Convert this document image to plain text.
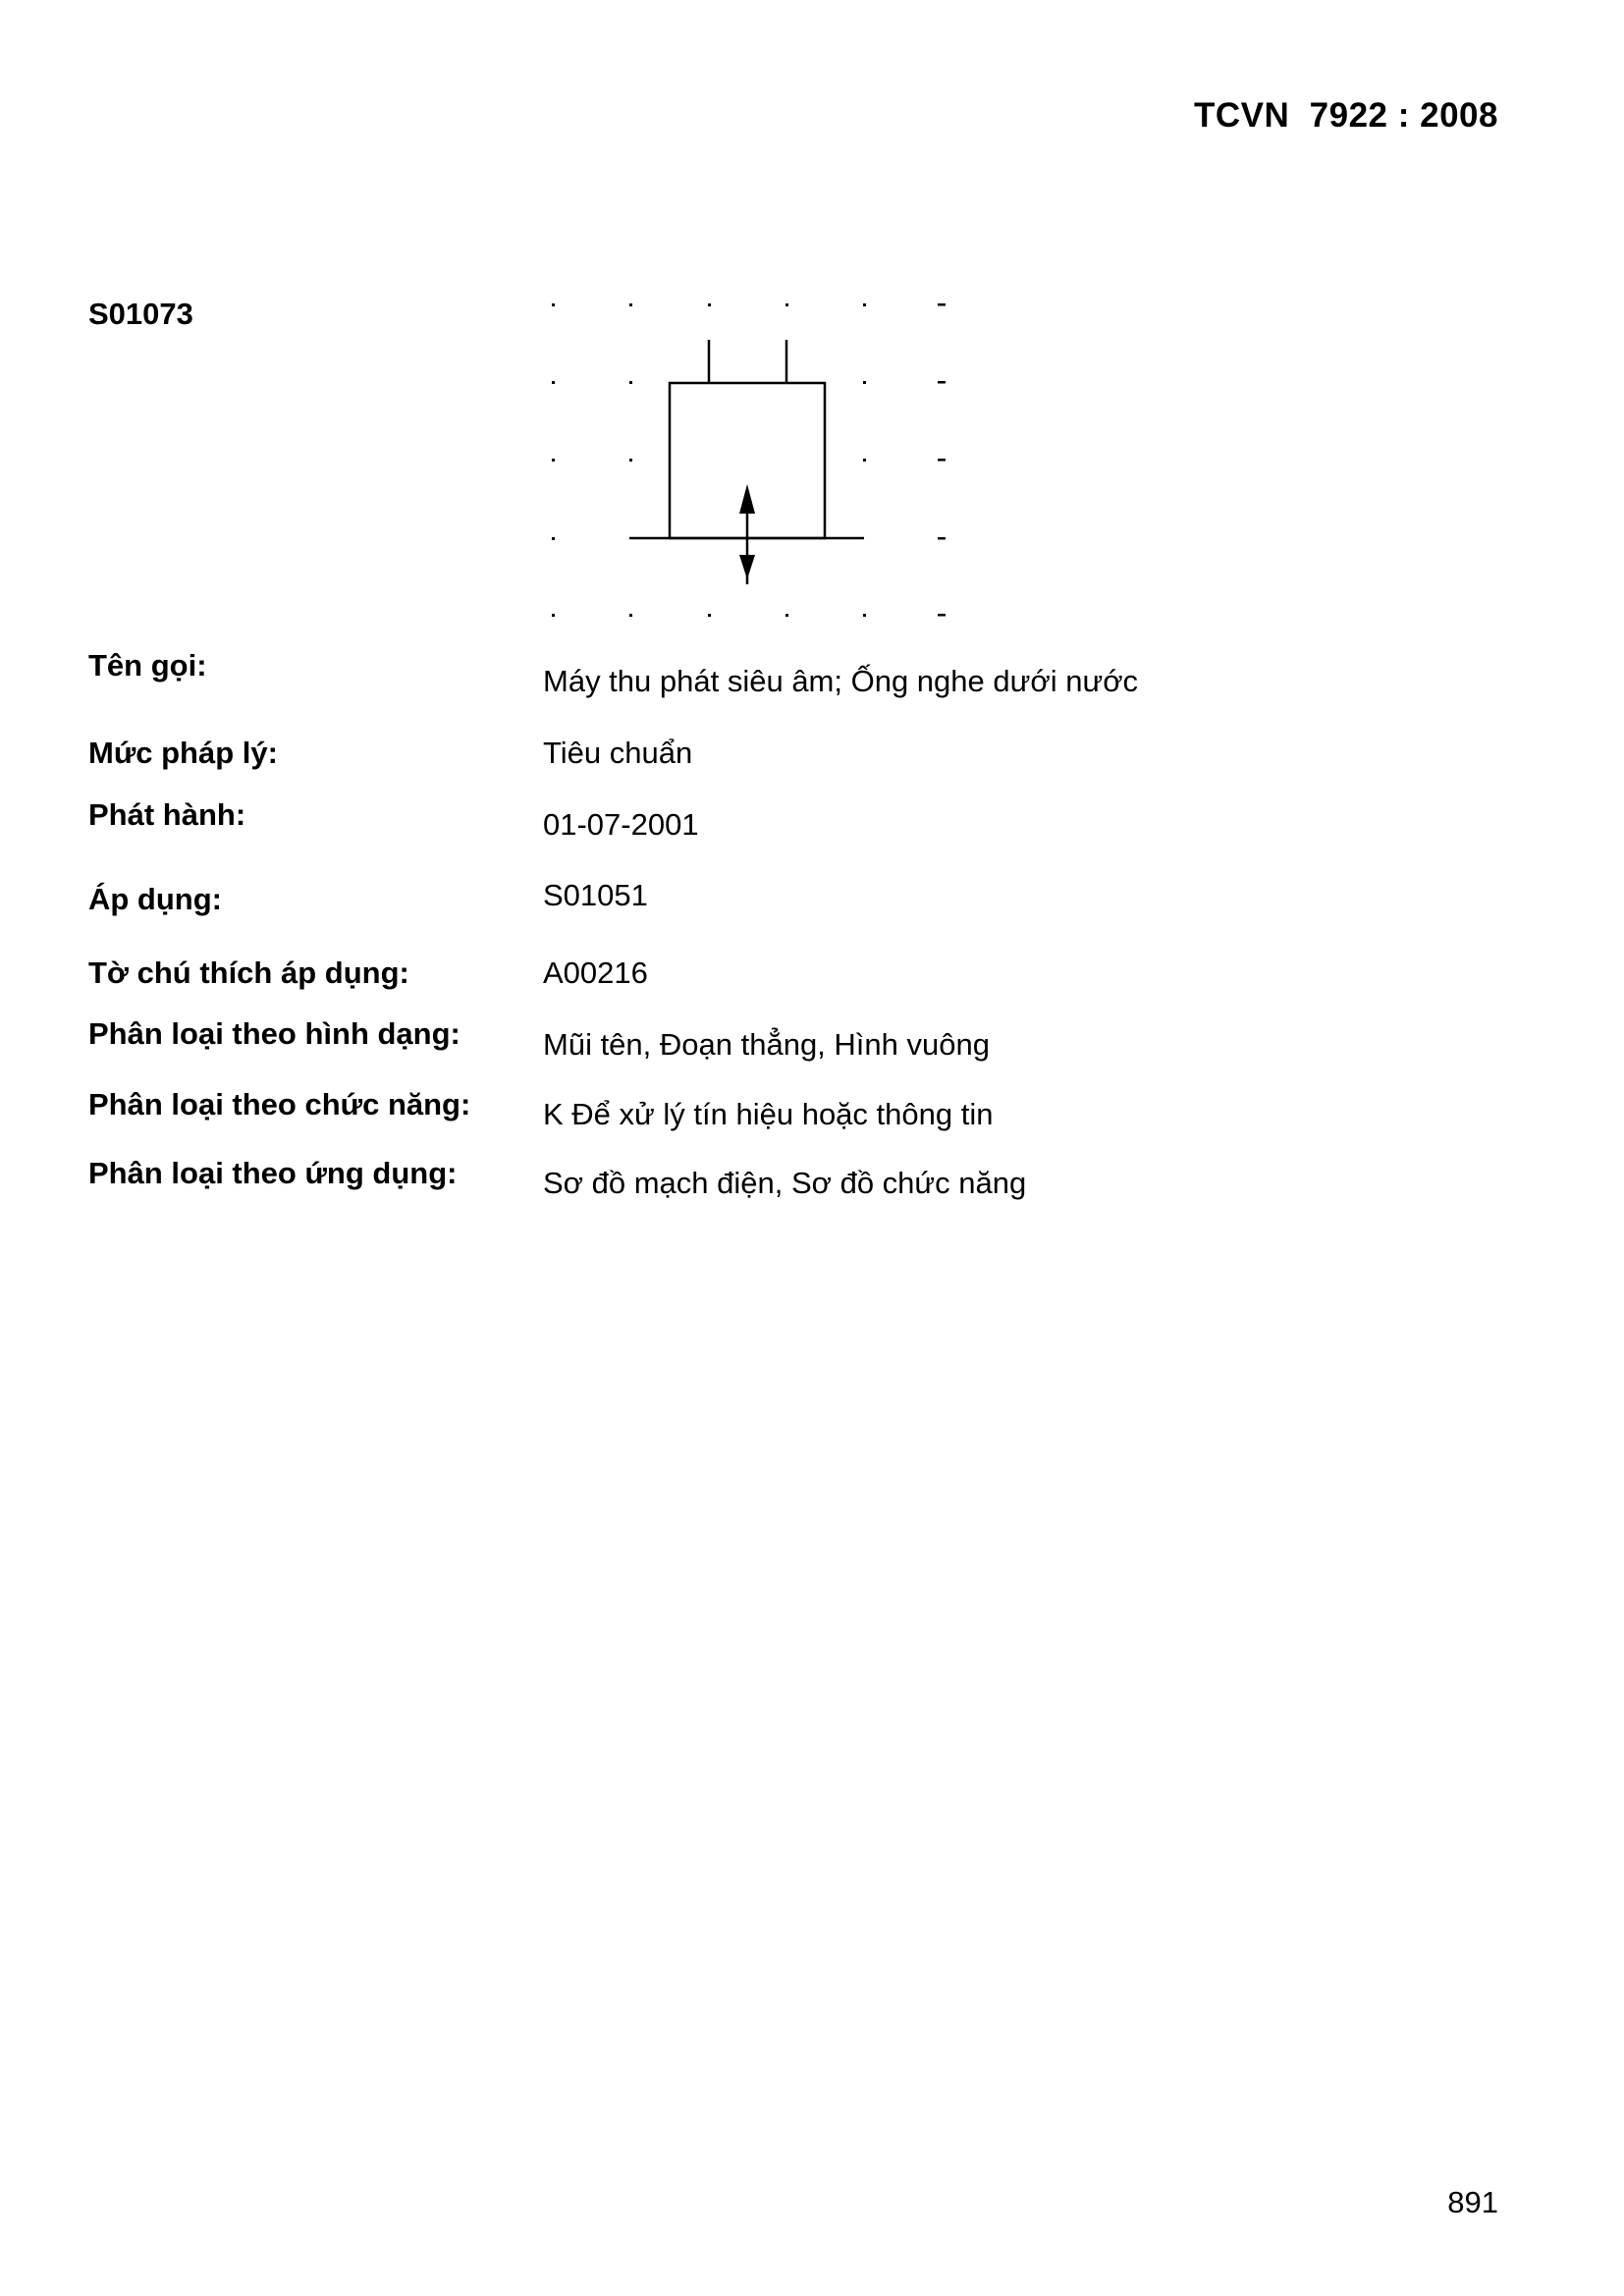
TCVN  7922 : 2008
S01073
Tên gọi:	Máy thu phát siêu âm; Ống nghe dưới nước
Mức pháp lý:	Tiêu chuẩn
Phát hành:	01-07-2001
Áp dụng:	S01051
Tờ chú thích áp dụng:	A00216
Phân loại theo hình dạng:	Mũi tên, Đoạn thẳng, Hình vuông
Phân loại theo chức năng: K Để xử lý tín hiệu hoặc thông tin
Phân loại theo ứng dụng:	Sơ đồ mạch điện, Sơ đồ chức năng
891
